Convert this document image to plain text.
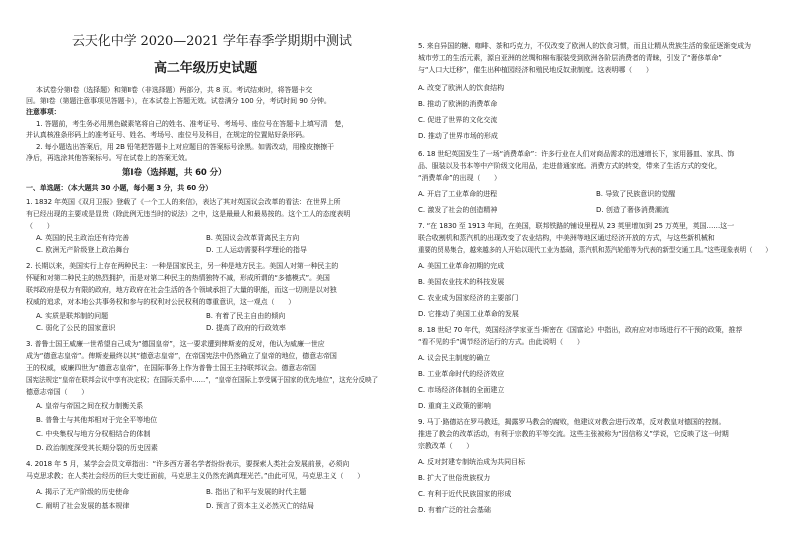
云天化中学 2020—2021 学年春季学期期中测试
高二年级历史试题
本试卷分第Ⅰ卷（选择题）和第Ⅱ卷（非选择题）两部分，共 8 页。考试结束时，将答题卡交
回。第Ⅰ卷（第题注意事项见答题卡），在本试卷上答题无效。试卷满分 100 分，考试时间 90 分钟。
注意事项：
1. 答题前，考生务必用黑色碳素笔将自己的姓名、准考证号、考场号、座位号在答题卡上填写清　楚，
并认真核准条形码上的准考证号、姓名、考场号、座位号及科目，在规定的位置贴好条形码。
2. 每小题选出答案后，用 2B 铅笔把答题卡上对应题目的答案标号涂黑。如需改动，用橡皮擦擦干
净后，再选涂其他答案标号。写在试卷上的答案无效。
第Ⅰ卷（选择题，共 60 分）
一、单选题：（本大题共 30 小题，每小题 3 分，共 60 分）
1. 1832 年英国《双月卫报》登载了《一个工人的来信》，表达了其对英国议会改革的看法：在世界上所
有已经出现的主要或是显贵（除此例无违当时的说法）之中，这是最最人和最易按的。这个工人的态度表明
（　　）
A. 英国的民主政治还有待完善	B. 英国议会改革背离民主方向
C. 欧洲无产阶级登上政治舞台	D. 工人运动需要科学理论的指导
2. 长期以来，美国实行上存在两种民主：一种是国家民主，另一种是地方民主。美国人对第一种民主的
怀疑和对第二种民主的热烈拥护，而是对第二种民主的热情独特不减，形成所谓的“多德模式”。美国
联邦政府是权力有限的政府，地方政府在社会生活的各个领域承担了大量的职能，而这一切则是以对独
权威的追求，对本地公共事务权和参与的权利对公民权利的尊重意识，这一观点（　　）
A. 实质是联邦制的问题	B. 有着了民主自由的倾向
C. 弱化了公民的国家意识	D. 提高了政府的行政效率
3. 普鲁士国王威廉一世希望自己成为“德国皇帝”，这一要求遭到俾斯麦的反对，他认为威廉一世应
成为“德意志皇帝”。俾斯麦最终以其“德意志皇帝”，在帝国宪法中仍然确立了皇帝的地位，德意志帝国
王的权威，威廉四世为“德意志皇帝”，在国际事务上作为普鲁士国王主持联邦议会。德意志帝国
国宪法规定“皇帝在联邦会议中享有决定权；在国际关系中……”，“皇帝在国际上享受属于国家的优先地位”，这充分反映了
德意志帝国（　　）
A. 皇帝与帝国之间在权力制衡关系
B. 普鲁士与其他邦相对于完全平等地位
C. 中央集权与地方分权相结合的体制
D. 政治制度深受其长期分裂的历史因素
4. 2018 年 5 月，某学会会员文章指出：“许多西方著名学者纷纷表示，要探索人类社会发展前景，必须向
马克思求教；在人类社会经历的巨大变迁面前，马克思主义仍然充满真理光芒。”由此可见，马克思主义（　　）
A. 揭示了无产阶级的历史使命	B. 指出了和平与发展的时代主题
C. 阐明了社会发展的基本规律	D. 预言了资本主义必然灭亡的结局
5. 来自异国的糖、咖啡、茶和巧克力，不仅改变了欧洲人的饮食习惯，而且让精从贵族生活的象征逐渐变成为
城市劳工的生活元素，源自亚洲的丝绸和棉布服装受到欧洲各阶层消费者的青睐，引发了“奢侈革命”
与“人口大迁移”，催生出种植园经济和殖民地反奴隶制度。这表明哪（　　）
A. 改变了欧洲人的饮食结构
B. 推动了欧洲的消费革命
C. 促进了世界的文化交流
D. 推动了世界市场的形成
6. 18 世纪英国发生了一场“消费革命”：许多行业在人们对商品需求的迅速增长下，家用器皿、家具、饰
品、服装以及书本等中产阶级文化用品，走进普通家庭。消费方式的转变，带来了生活方式的变化，
“消费革命”的出现（　　）
A. 开启了工业革命的进程	B. 导致了民族意识的觉醒
C. 激发了社会的创造精神	D. 创造了奢侈消费潮流
7. “在 1830 至 1913 年间，在美国，联邦铁路的铺设里程从 23 英里增加到 25 万英里，英国……这一
联合收割机和蒸汽机的出现改变了农业结构，中美洲等地区通过经济开放的方式，与这些新机械和
重要的贸易集合，越来越多的人开始以现代工业为基础，蒸汽机和蒸汽轮船等为代表的新型交通工具。”这些现象表明（　　）
A. 美国工业革命初期的完成
B. 美国农业技术的科技发展
C. 农业成为国家经济的主要部门
D. 它推动了美国工业革命的发展
8. 18 世纪 70 年代，英国经济学家亚当·斯密在《国富论》中指出，政府应对市场进行不干预的政策，推荐
“看不见的手”调节经济运行的方式。由此说明（　　）
A. 议会民主制度的确立
B. 工业革命时代的经济效应
C. 市场经济体制的全面建立
D. 重商主义政策的影响
9. 马丁·路德站在罗马教廷，揭露罗马教会的腐败，他建议对教会进行改革，反对教皇对德国的控制。
推进了教会的改革活动，有利于宗教的平等交流。这些主张被称为“因信称义”学说，它反映了这一时期
宗教改革（　　）
A. 反对封建专制统治成为共同目标
B. 扩大了世俗贵族权力
C. 有利于近代民族国家的形成
D. 有着广泛的社会基础
